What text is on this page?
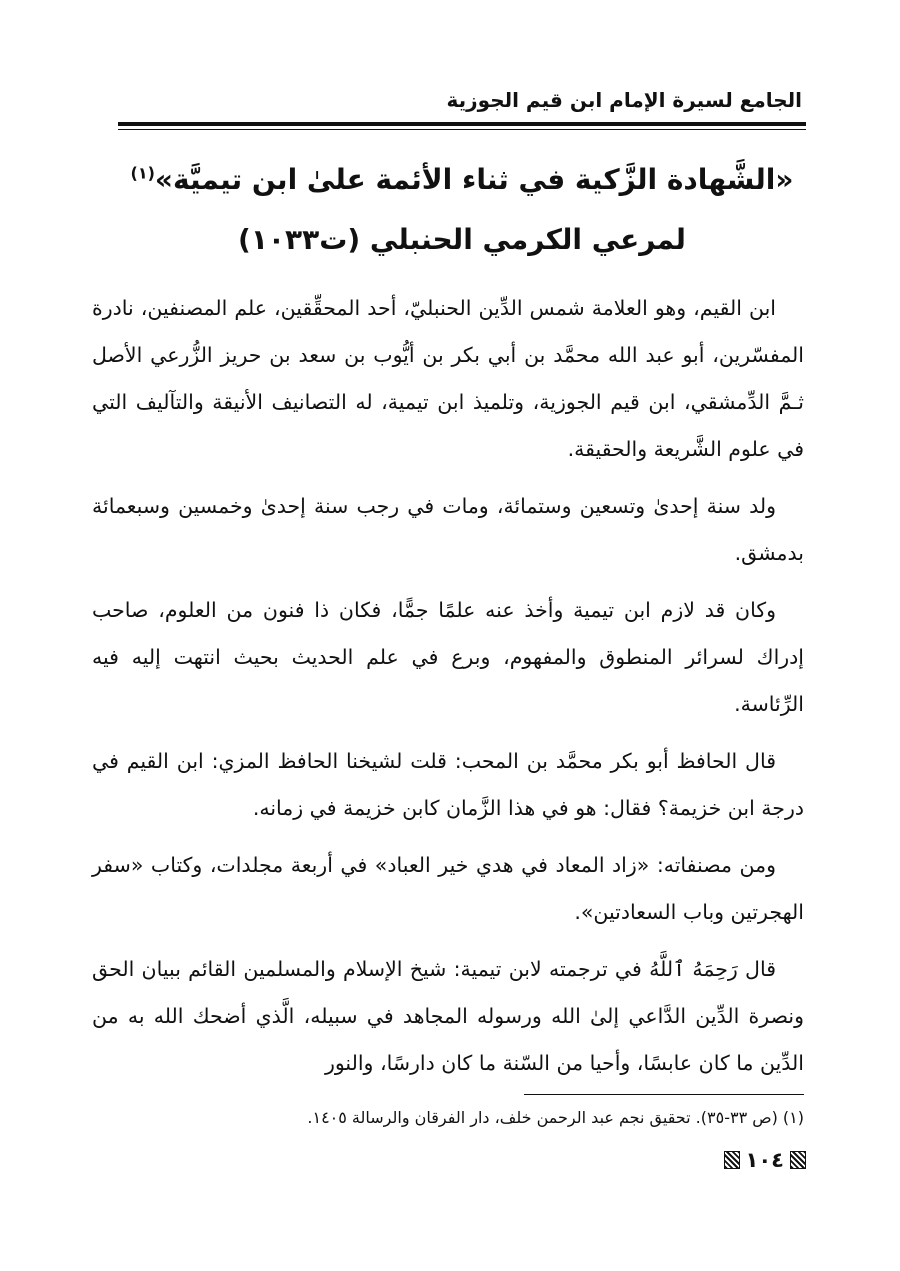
الجامع لسيرة الإمام ابن قيم الجوزية
«الشَّهادة الزَّكية في ثناء الأئمة علىٰ ابن تيميَّة»$^{(١)}$
لمرعي الكرمي الحنبلي (ت١٠٣٣)

ابن القيم، وهو العلامة شمس الدِّين الحنبليّ، أحد المحقِّقين، علم المصنفين، نادرة المفسّرين، أبو عبد الله محمَّد بن أبي بكر بن أيُّوب بن سعد بن حريز الزُّرعي الأصل ثـمَّ الدِّمشقي، ابن قيم الجوزية، وتلميذ ابن تيمية، له التصانيف الأنيقة والتآليف التي في علوم الشَّريعة والحقيقة.

ولد سنة إحدىٰ وتسعين وستمائة، ومات في رجب سنة إحدىٰ وخمسين وسبعمائة بدمشق.

وكان قد لازم ابن تيمية وأخذ عنه علمًا جمًّا، فكان ذا فنون من العلوم، صاحب إدراك لسرائر المنطوق والمفهوم، وبرع في علم الحديث بحيث انتهت إليه فيه الرِّئاسة.

قال الحافظ أبو بكر محمَّد بن المحب: قلت لشيخنا الحافظ المزي: ابن القيم في درجة ابن خزيمة؟ فقال: هو في هذا الزَّمان كابن خزيمة في زمانه.

ومن مصنفاته: «زاد المعاد في هدي خير العباد» في أربعة مجلدات، وكتاب «سفر الهجرتين وباب السعادتين».

قال رَحِمَهُ ٱللَّهُ في ترجمته لابن تيمية: شيخ الإسلام والمسلمين القائم ببيان الحق ونصرة الدِّين الدَّاعي إلىٰ الله ورسوله المجاهد في سبيله، الَّذي أضحك الله به من الدِّين ما كان عابسًا، وأحيا من السّنة ما كان دارسًا، والنور

(١) (ص ٣٣-٣٥). تحقيق نجم عبد الرحمن خلف، دار الفرقان والرسالة ١٤٠٥.
١٠٤
